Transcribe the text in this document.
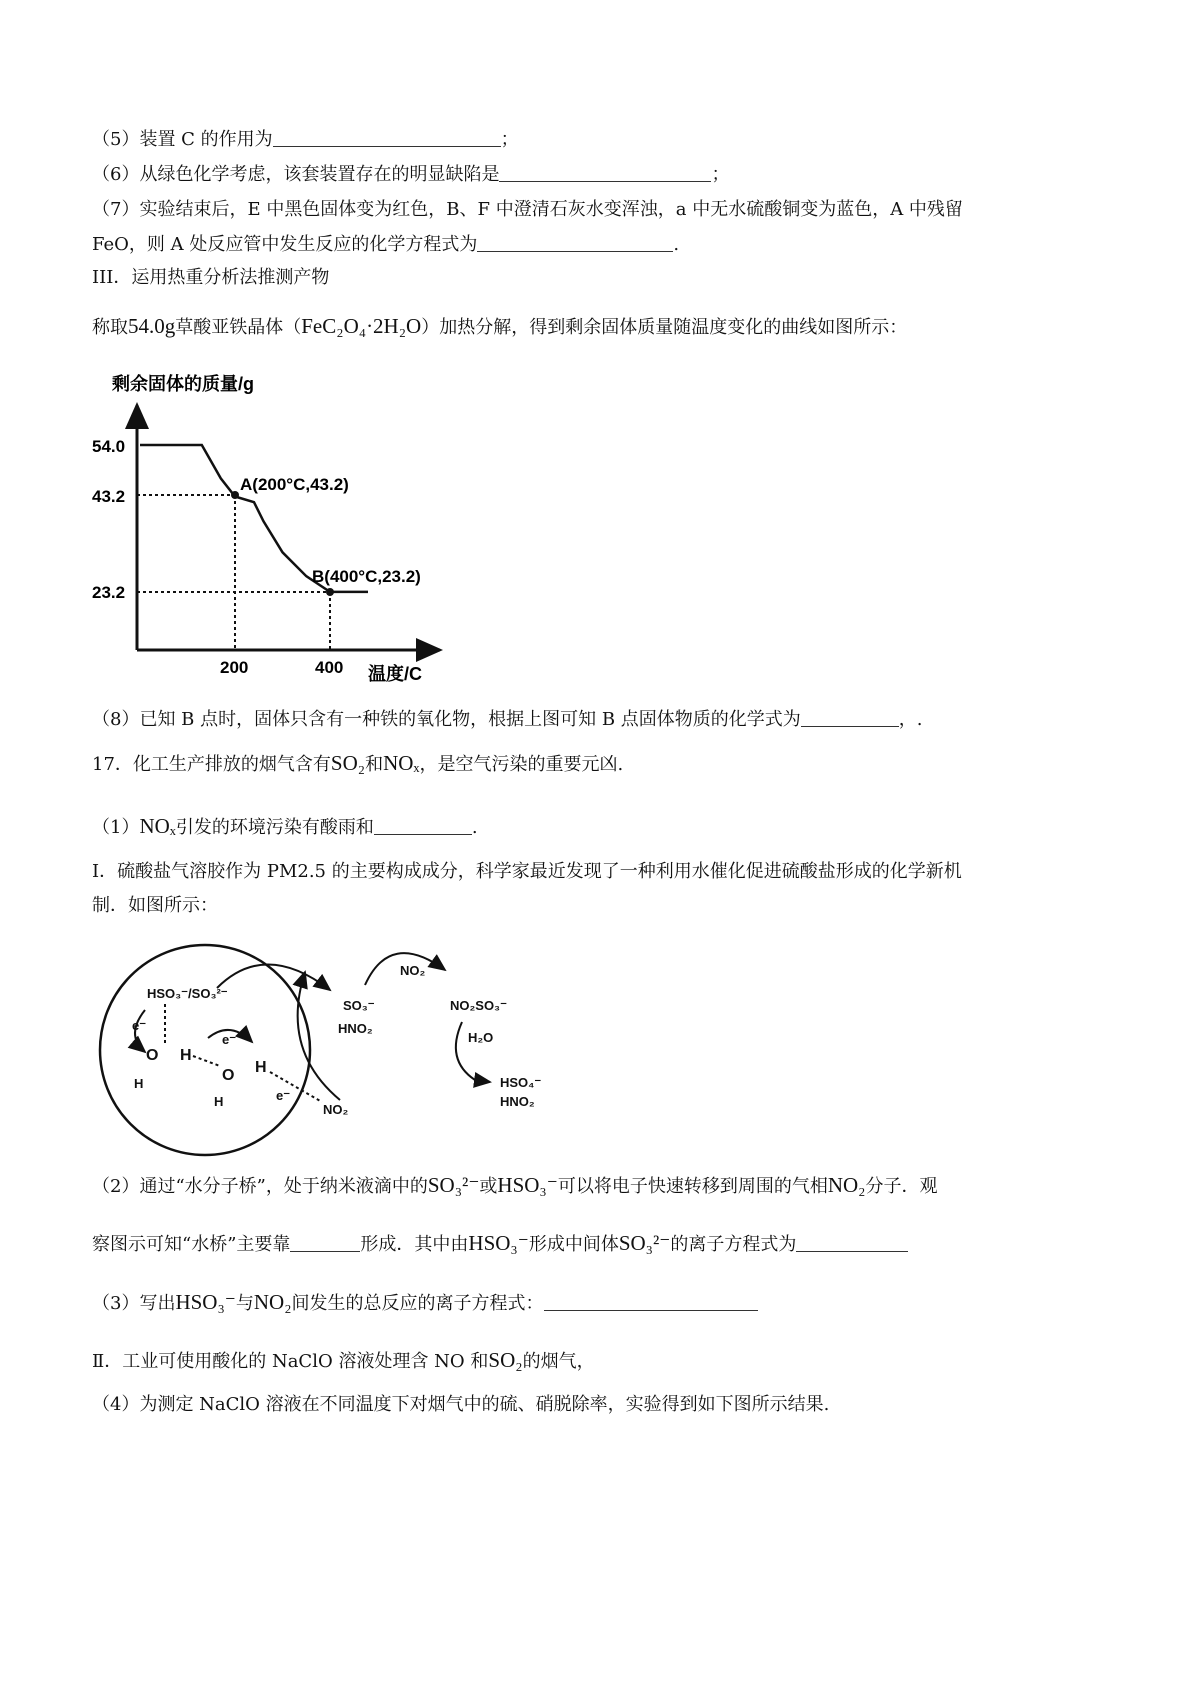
（5）装置 C 的作用为	；
（6）从绿色化学考虑，该套装置存在的明显缺陷是	；
（7）实验结束后，E 中黑色固体变为红色，B、F 中澄清石灰水变浑浊，a 中无水硫酸铜变为蓝色，A 中残留
FeO，则 A 处反应管中发生反应的化学方程式为	.
III．运用热重分析法推测产物
称取54.0g草酸亚铁晶体（FeC₂O₄·2H₂O）加热分解，得到剩余固体质量随温度变化的曲线如图所示：
剩余固体的质量/g
54.0
43.2
23.2
200	400 温度/C
A(200°C,43.2)
B(400°C,23.2)
（8）已知 B 点时，固体只含有一种铁的氧化物，根据上图可知 B 点固体物质的化学式为	，.
17．化工生产排放的烟气含有SO₂和NOₓ，是空气污染的重要元凶.
（1）NOₓ引发的环境污染有酸雨和	.
I．硫酸盐气溶胶作为 PM2.5 的主要构成成分，科学家最近发现了一种利用水催化促进硫酸盐形成的化学新机
制．如图所示：
HSO₃⁻/SO₃²⁻
e⁻
O H
H
e⁻
O H
H	e⁻
NO₂
SO₃⁻
HNO₂
NO₂
NO₂SO₃⁻
H₂O
HSO₄⁻
HNO₂
（2）通过“水分子桥”，处于纳米液滴中的SO₃²⁻或HSO₃⁻可以将电子快速转移到周围的气相NO₂分子．观
察图示可知“水桥”主要靠	形成．其中由HSO₃⁻形成中间体SO₃²⁻的离子方程式为
（3）写出HSO₃⁻与NO₂间发生的总反应的离子方程式：
Ⅱ．工业可使用酸化的 NaClO 溶液处理含 NO 和SO₂的烟气，
（4）为测定 NaClO 溶液在不同温度下对烟气中的硫、硝脱除率，实验得到如下图所示结果.
